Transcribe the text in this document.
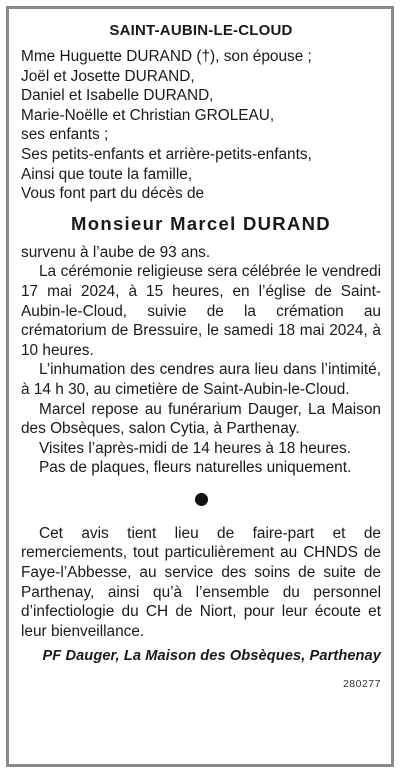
SAINT-AUBIN-LE-CLOUD

Mme Huguette DURAND (†), son épouse ;

Joël et Josette DURAND,

Daniel et Isabelle DURAND,

Marie-Noëlle et Christian GROLEAU,

ses enfants ;

Ses petits-enfants et arrière-petits-enfants,

Ainsi que toute la famille,

Vous font part du décès de

Monsieur Marcel DURAND

survenu à l’aube de 93 ans.

La cérémonie religieuse sera célébrée le vendredi 17 mai 2024, à 15 heures, en l’église de Saint-Aubin-le-Cloud, suivie de la crémation au crématorium de Bressuire, le samedi 18 mai 2024, à 10 heures.

L’inhumation des cendres aura lieu dans l’intimité, à 14 h 30, au cimetière de Saint-Aubin-le-Cloud.

Marcel repose au funérarium Dauger, La Maison des Obsèques, salon Cytia, à Parthenay.

Visites l’après-midi de 14 heures à 18 heures.

Pas de plaques, fleurs naturelles uniquement.

Cet avis tient lieu de faire-part et de remerciements, tout particulièrement au CHNDS de Faye-l’Abbesse, au service des soins de suite de Parthenay, ainsi qu’à l’ensemble du personnel d’infectiologie du CH de Niort, pour leur écoute et leur bienveillance.

PF Dauger, La Maison des Obsèques, Parthenay
280277
